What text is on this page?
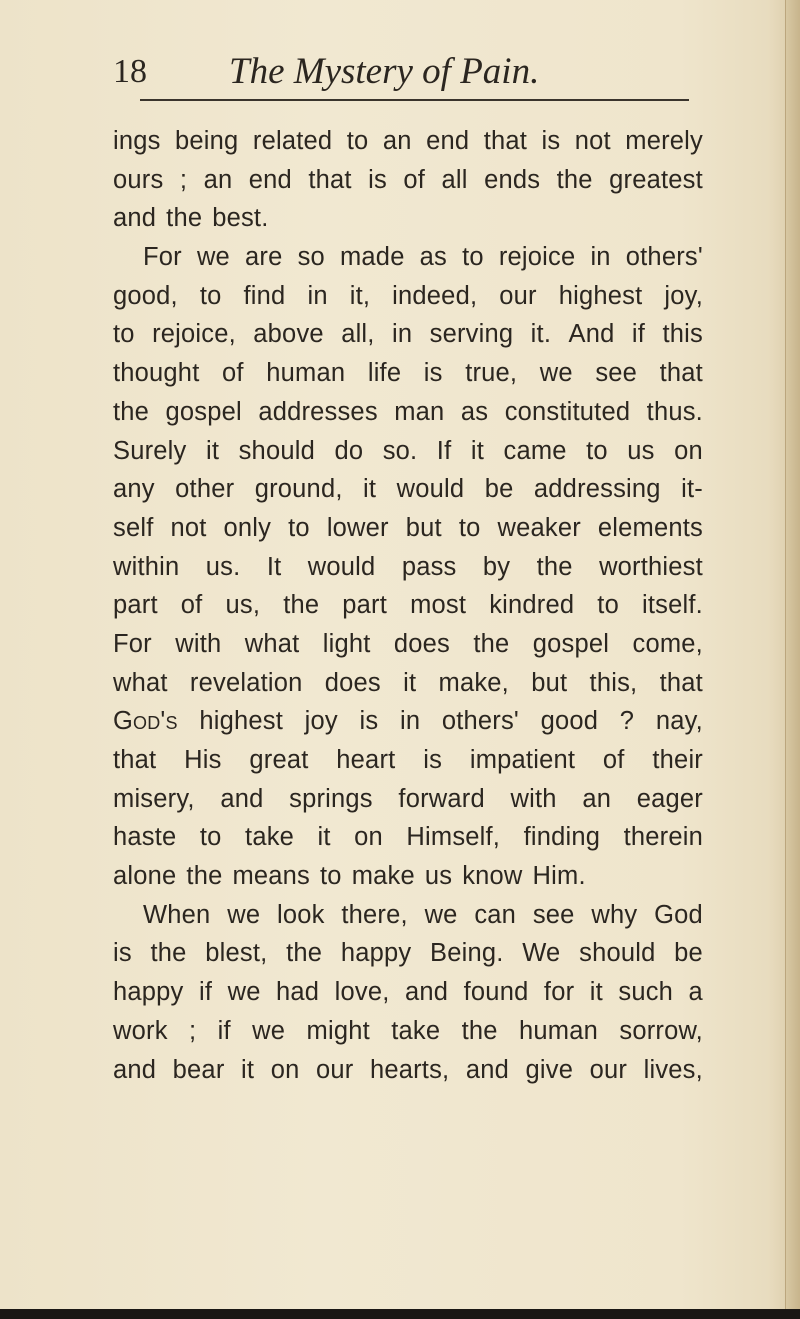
18 The Mystery of Pain.
ings being related to an end that is not merely
ours ; an end that is of all ends the greatest
and the best.
For we are so made as to rejoice in others'
good, to find in it, indeed, our highest joy,
to rejoice, above all, in serving it. And if this
thought of human life is true, we see that
the gospel addresses man as constituted thus.
Surely it should do so. If it came to us on
any other ground, it would be addressing it-
self not only to lower but to weaker elements
within us. It would pass by the worthiest
part of us, the part most kindred to itself.
For with what light does the gospel come,
what revelation does it make, but this, that
God's highest joy is in others' good ? nay,
that His great heart is impatient of their
misery, and springs forward with an eager
haste to take it on Himself, finding therein
alone the means to make us know Him.
When we look there, we can see why God
is the blest, the happy Being. We should be
happy if we had love, and found for it such a
work ; if we might take the human sorrow,
and bear it on our hearts, and give our lives,
